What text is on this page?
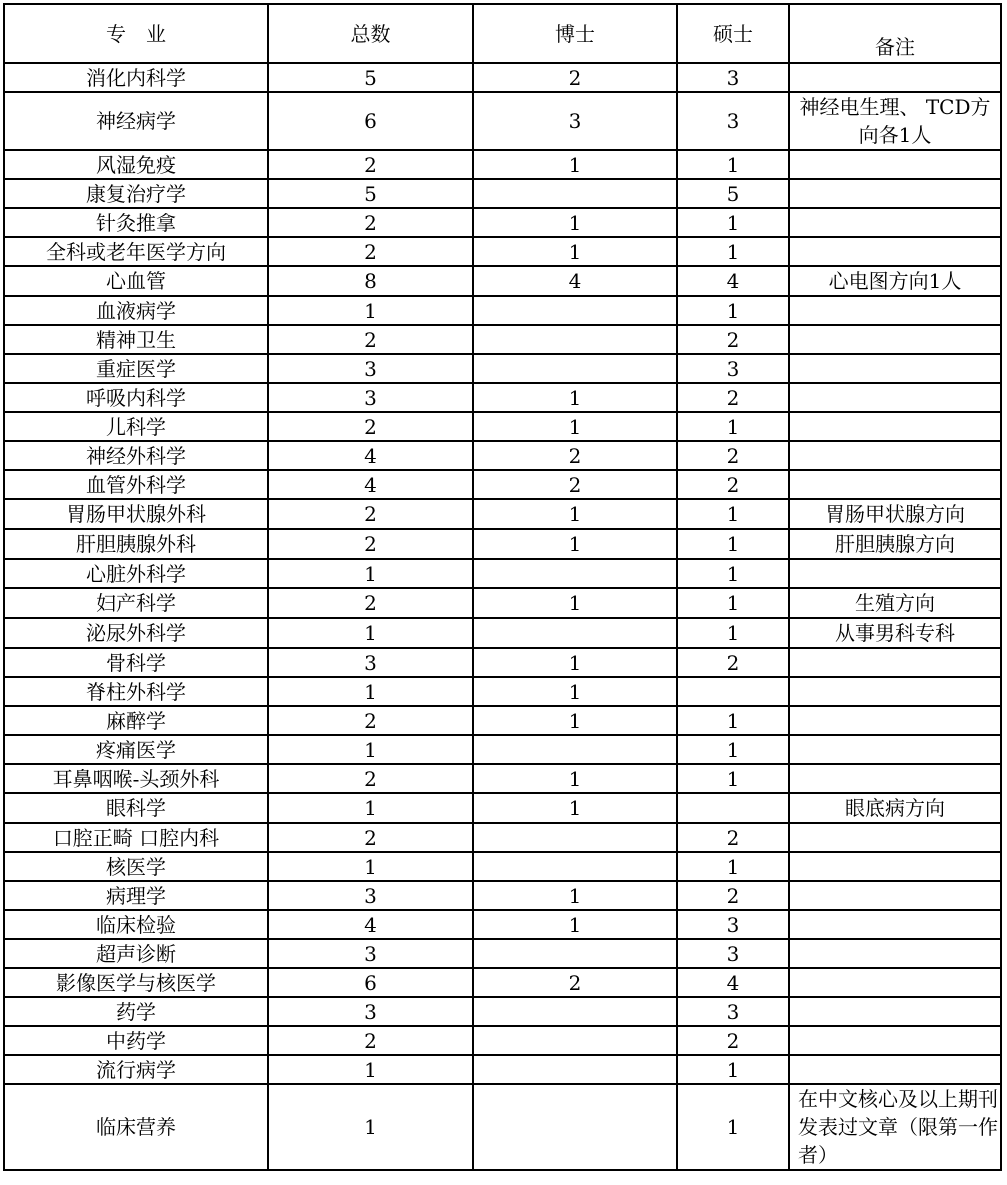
专　业	总数	博士	硕士	备注
消化内科学	5	2	3	
神经病学	6	3	3	神经电生理、 TCD方向各1人
风湿免疫	2	1	1	
康复治疗学	5		5	
针灸推拿	2	1	1	
全科或老年医学方向	2	1	1	
心血管	8	4	4	心电图方向1人
血液病学	1		1	
精神卫生	2		2	
重症医学	3		3	
呼吸内科学	3	1	2	
儿科学	2	1	1	
神经外科学	4	2	2	
血管外科学	4	2	2	
胃肠甲状腺外科	2	1	1	胃肠甲状腺方向
肝胆胰腺外科	2	1	1	肝胆胰腺方向
心脏外科学	1		1	
妇产科学	2	1	1	生殖方向
泌尿外科学	1		1	从事男科专科
骨科学	3	1	2	
脊柱外科学	1	1		
麻醉学	2	1	1	
疼痛医学	1		1	
耳鼻咽喉-头颈外科	2	1	1	
眼科学	1	1		眼底病方向
口腔正畸 口腔内科	2		2	
核医学	1		1	
病理学	3	1	2	
临床检验	4	1	3	
超声诊断	3		3	
影像医学与核医学	6	2	4	
药学	3		3	
中药学	2		2	
流行病学	1		1	
临床营养	1		1	在中文核心及以上期刊发表过文章（限第一作者）
